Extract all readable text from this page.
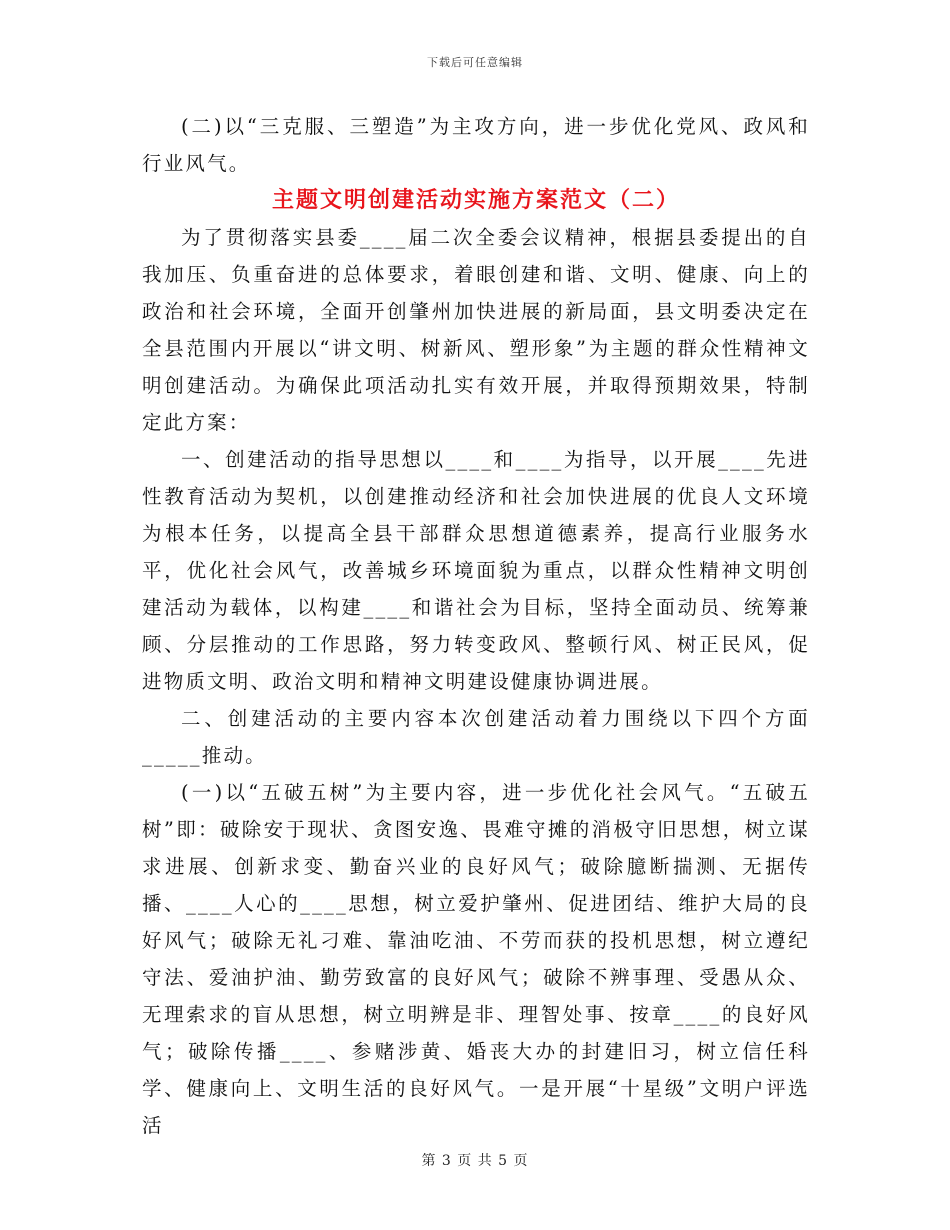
下载后可任意编辑

(二)以“三克服、三塑造”为主攻方向，进一步优化党风、政风和行业风气。

主题文明创建活动实施方案范文（二）

为了贯彻落实县委____届二次全委会议精神，根据县委提出的自我加压、负重奋进的总体要求，着眼创建和谐、文明、健康、向上的政治和社会环境，全面开创肇州加快进展的新局面，县文明委决定在全县范围内开展以“讲文明、树新风、塑形象”为主题的群众性精神文明创建活动。为确保此项活动扎实有效开展，并取得预期效果，特制定此方案：

一、创建活动的指导思想以____和____为指导，以开展____先进性教育活动为契机，以创建推动经济和社会加快进展的优良人文环境为根本任务，以提高全县干部群众思想道德素养，提高行业服务水平，优化社会风气，改善城乡环境面貌为重点，以群众性精神文明创建活动为载体，以构建____和谐社会为目标，坚持全面动员、统筹兼顾、分层推动的工作思路，努力转变政风、整顿行风、树正民风，促进物质文明、政治文明和精神文明建设健康协调进展。

二、创建活动的主要内容本次创建活动着力围绕以下四个方面_____推动。

(一)以“五破五树”为主要内容，进一步优化社会风气。“五破五树”即：破除安于现状、贪图安逸、畏难守摊的消极守旧思想，树立谋求进展、创新求变、勤奋兴业的良好风气；破除臆断揣测、无据传播、____人心的____思想，树立爱护肇州、促进团结、维护大局的良好风气；破除无礼刁难、靠油吃油、不劳而获的投机思想，树立遵纪守法、爱油护油、勤劳致富的良好风气；破除不辨事理、受愚从众、无理索求的盲从思想，树立明辨是非、理智处事、按章____的良好风气；破除传播____、参赌涉黄、婚丧大办的封建旧习，树立信任科学、健康向上、文明生活的良好风气。一是开展“十星级”文明户评选活

第 3 页 共 5 页
